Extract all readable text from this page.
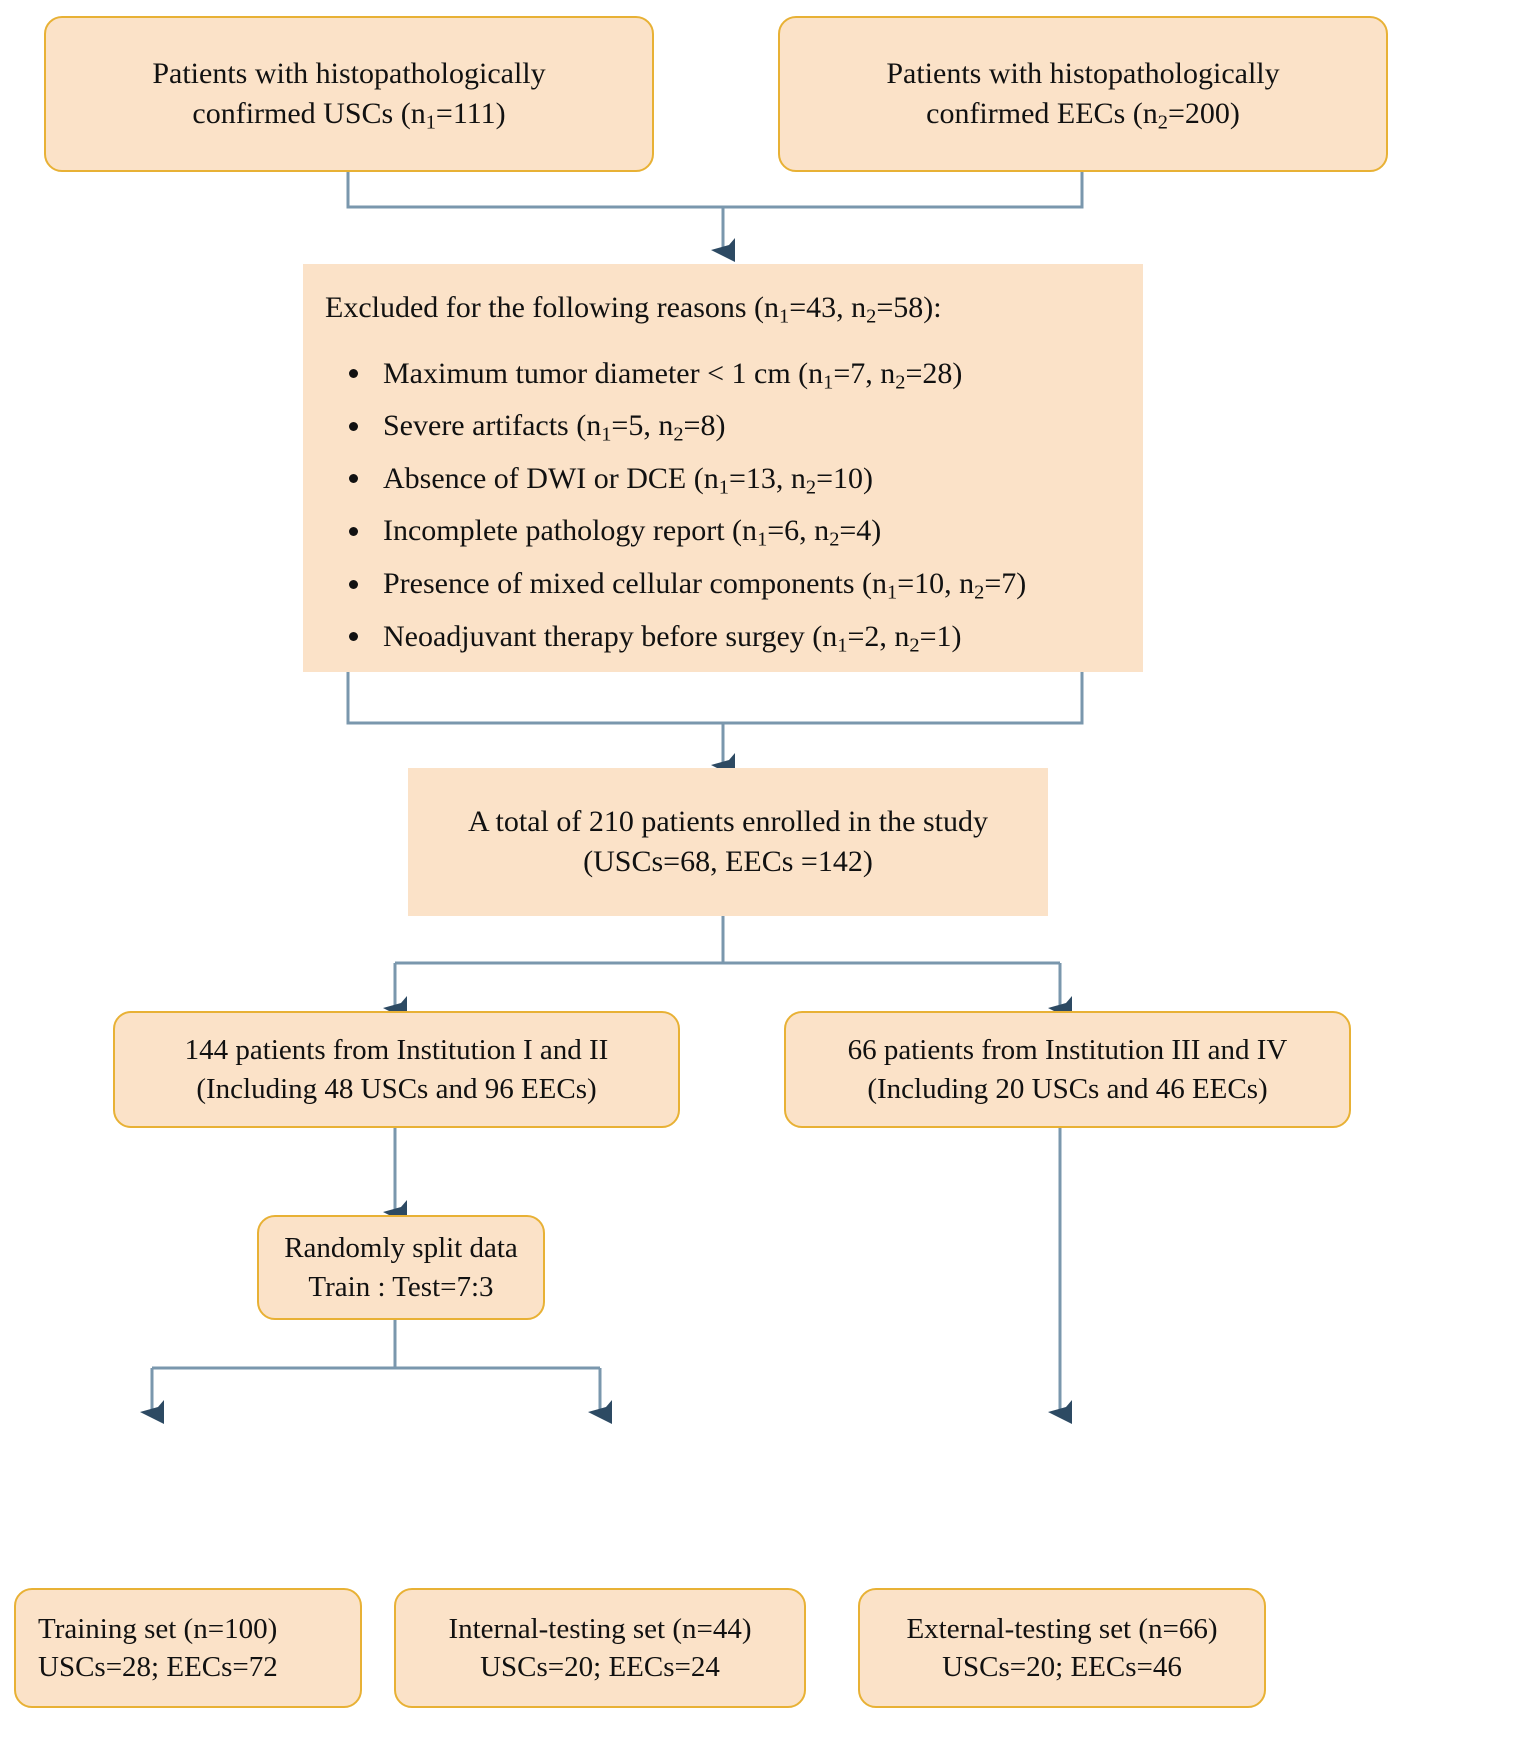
Patients with histopathologically
confirmed USCs $(n_1=111)$
Patients with histopathologically
confirmed EECs $(n_2=200)$
Excluded for the following reasons ($n_1=43$, $n_2=58$):
Maximum tumor diameter < 1 cm ($n_1=7$, $n_2=28$)
Severe artifacts ($n_1=5$, $n_2=8$)
Absence of DWI or DCE ($n_1=13$, $n_2=10$)
Incomplete pathology report ($n_1=6$, $n_2=4$)
Presence of mixed cellular components ($n_1=10$, $n_2=7$)
Neoadjuvant therapy before surgey ($n_1=2$, $n_2=1$)
A total of 210 patients enrolled in the study
(USCs=68, EECs =142)
144 patients from Institution I and II
(Including 48 USCs and 96 EECs)
66 patients from Institution III and IV
(Including 20 USCs and 46 EECs)
Randomly split data
Train : Test=7:3
Training set (n=100)
USCs=28; EECs=72
Internal-testing set (n=44)
USCs=20; EECs=24
External-testing set (n=66)
USCs=20; EECs=46
